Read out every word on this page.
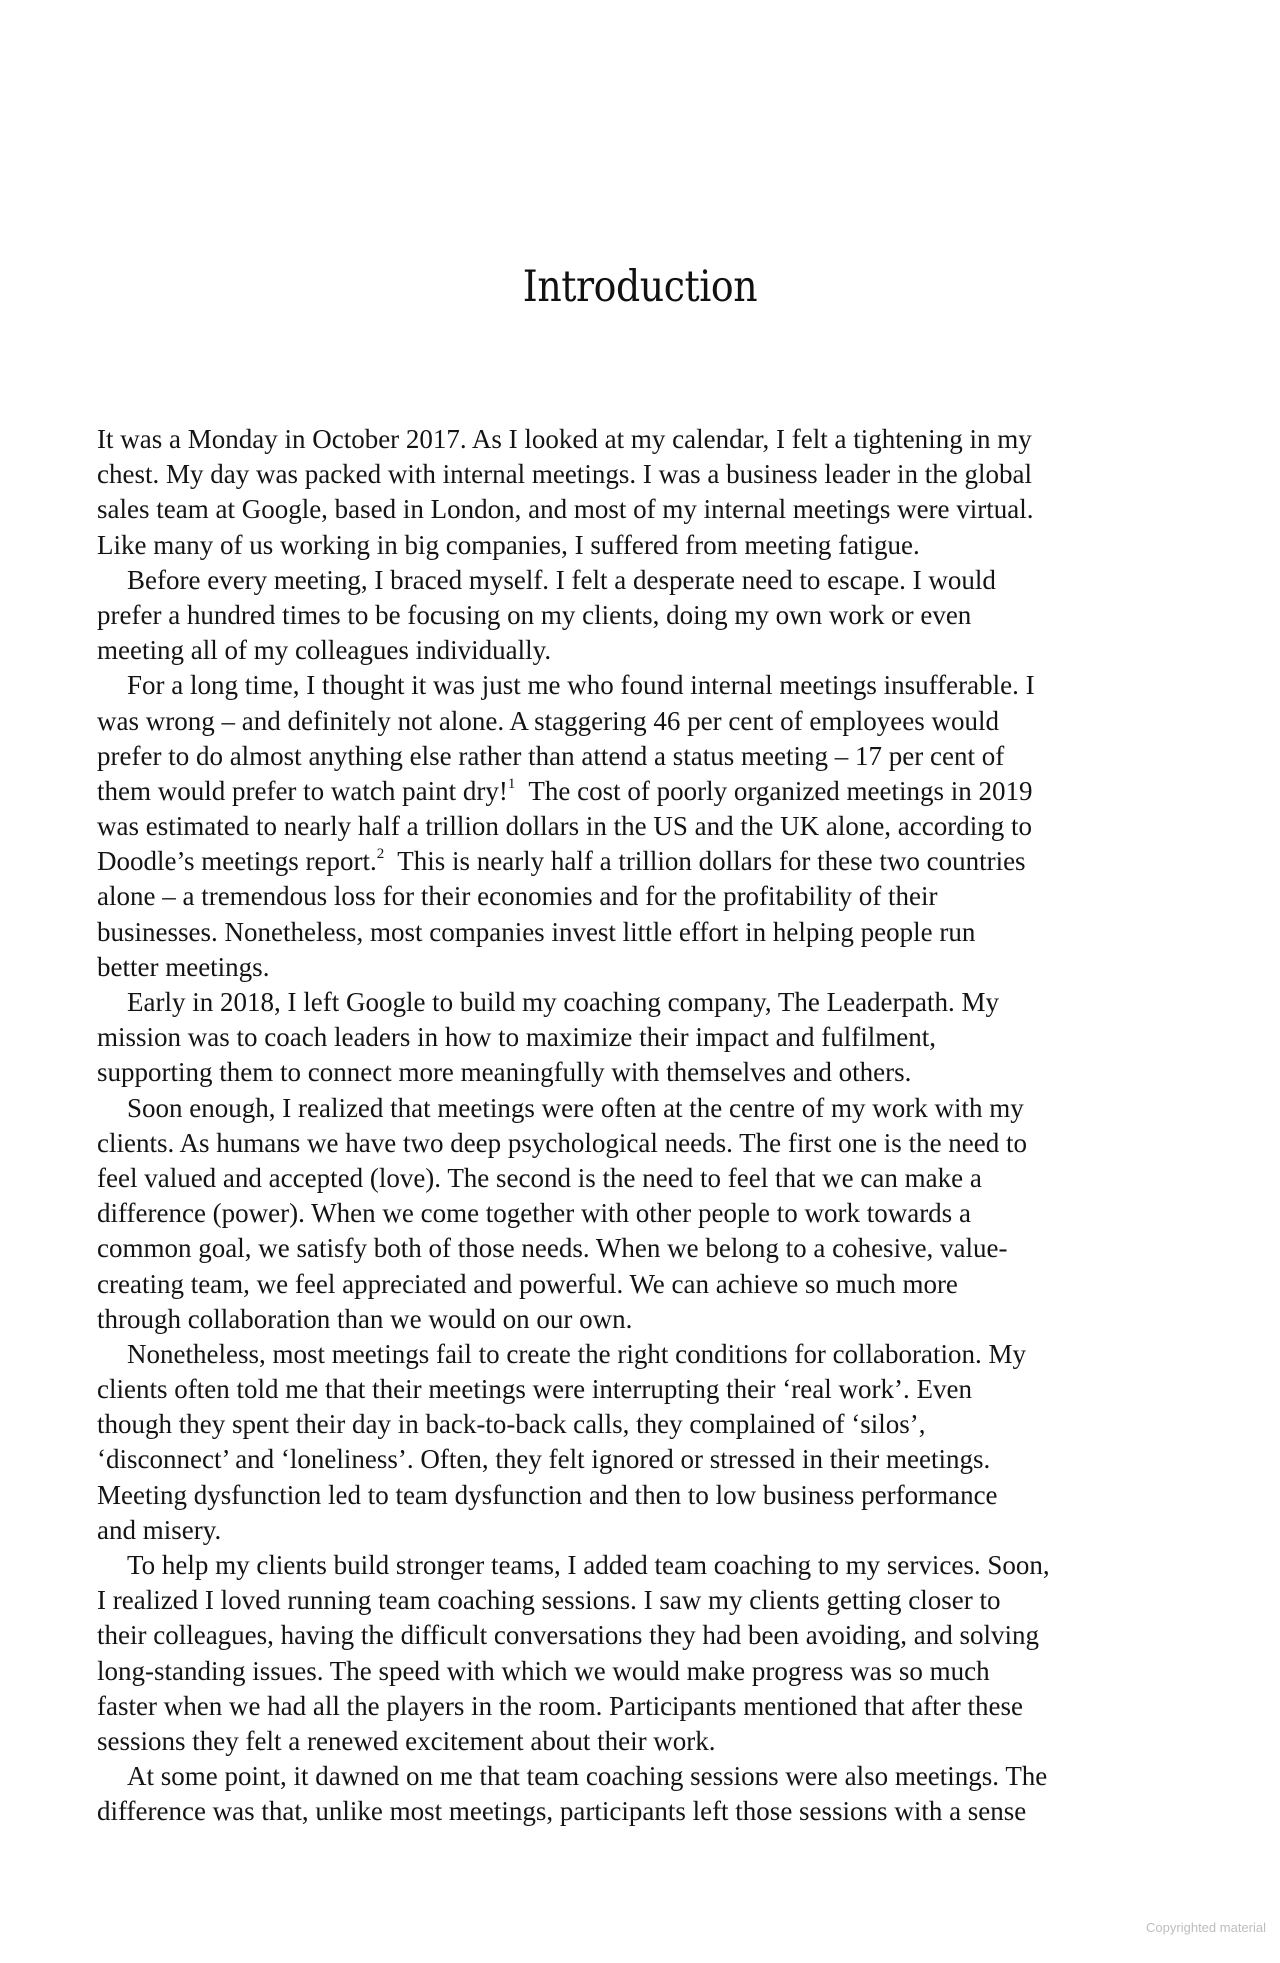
Introduction
It was a Monday in October 2017. As I looked at my calendar, I felt a tightening in my
chest. My day was packed with internal meetings. I was a business leader in the global
sales team at Google, based in London, and most of my internal meetings were virtual.
Like many of us working in big companies, I suffered from meeting fatigue.
Before every meeting, I braced myself. I felt a desperate need to escape. I would
prefer a hundred times to be focusing on my clients, doing my own work or even
meeting all of my colleagues individually.
For a long time, I thought it was just me who found internal meetings insufferable. I
was wrong – and definitely not alone. A staggering 46 per cent of employees would
prefer to do almost anything else rather than attend a status meeting – 17 per cent of
them would prefer to watch paint dry!$^1$  The cost of poorly organized meetings in 2019
was estimated to nearly half a trillion dollars in the US and the UK alone, according to
Doodle’s meetings report.$^2$  This is nearly half a trillion dollars for these two countries
alone – a tremendous loss for their economies and for the profitability of their
businesses. Nonetheless, most companies invest little effort in helping people run
better meetings.
Early in 2018, I left Google to build my coaching company, The Leaderpath. My
mission was to coach leaders in how to maximize their impact and fulfilment,
supporting them to connect more meaningfully with themselves and others.
Soon enough, I realized that meetings were often at the centre of my work with my
clients. As humans we have two deep psychological needs. The first one is the need to
feel valued and accepted (love). The second is the need to feel that we can make a
difference (power). When we come together with other people to work towards a
common goal, we satisfy both of those needs. When we belong to a cohesive, value-
creating team, we feel appreciated and powerful. We can achieve so much more
through collaboration than we would on our own.
Nonetheless, most meetings fail to create the right conditions for collaboration. My
clients often told me that their meetings were interrupting their ‘real work’. Even
though they spent their day in back-to-back calls, they complained of ‘silos’,
‘disconnect’ and ‘loneliness’. Often, they felt ignored or stressed in their meetings.
Meeting dysfunction led to team dysfunction and then to low business performance
and misery.
To help my clients build stronger teams, I added team coaching to my services. Soon,
I realized I loved running team coaching sessions. I saw my clients getting closer to
their colleagues, having the difficult conversations they had been avoiding, and solving
long-standing issues. The speed with which we would make progress was so much
faster when we had all the players in the room. Participants mentioned that after these
sessions they felt a renewed excitement about their work.
At some point, it dawned on me that team coaching sessions were also meetings. The
difference was that, unlike most meetings, participants left those sessions with a sense
Copyrighted material
